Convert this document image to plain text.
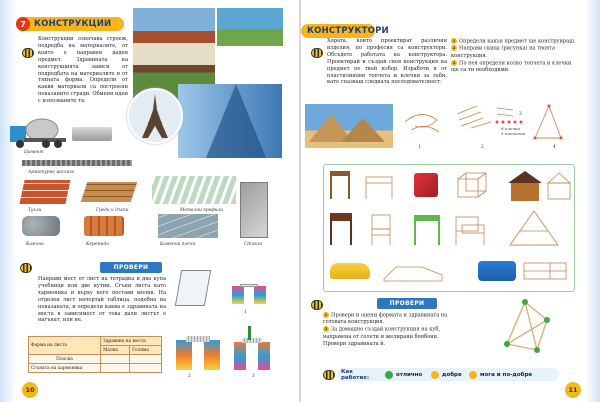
7 КОНСТРУКЦИИ
Конструкции означава строеж, подредба на материалите, от които е направен даден предмет. Здравината на конструкцията зависи от подредбата на материалите и от тяхната форма. Опредeли от какви материали са построени показаните сгради. Обмени идеи с изпозваните тя.
Цимент
Арматурно желязо
Тухли	Греди и дъски	Метални профили
Стъкло
Камъни	Керемиди	Каменни плочи
ПРОВЕРИ
Направи мост от лист на тетрадка и два купа учебници или две кутии. Сгъни листа като хармоника и върху него постави молив. На отделен лист начертай таблица, подобна на показаната, и опредeли каква е здравината на моста в зависимост от това дали листът е нагънат, или не.
Форма на листа	Здравина на моста	
	Малка	Голяма
Плоска		
Сгъната на хармоника		
1
2	3
10
КОНСТРУКТОРИ
Хората, които проектират различни изделия, по професия са конструктори. Обсъдете работата на конструктора. Проектирай и създай своя конструкция на предмет по твой избор. Изработи я от пластилинови топчета и клечки за зъби, като спазваш следната последователност:
1 Опредeли какъв предмет ще конструираш.
2 Направи скица (рисунка) на твоята конструкция.
3 По нея опредeли колко топчета и клечки ще са ти необходими.
8 клечки
5 топчета
1	2
3
4
ПРОВЕРИ
1 Провери и оцени формата и здравината на готовата конструкция.
2 За домашно създай конструкция на куб, направена от солети и желирани бонбони. Провери здравината ѝ.
Как работих:	отлично	добре	мога и по-добре
11
